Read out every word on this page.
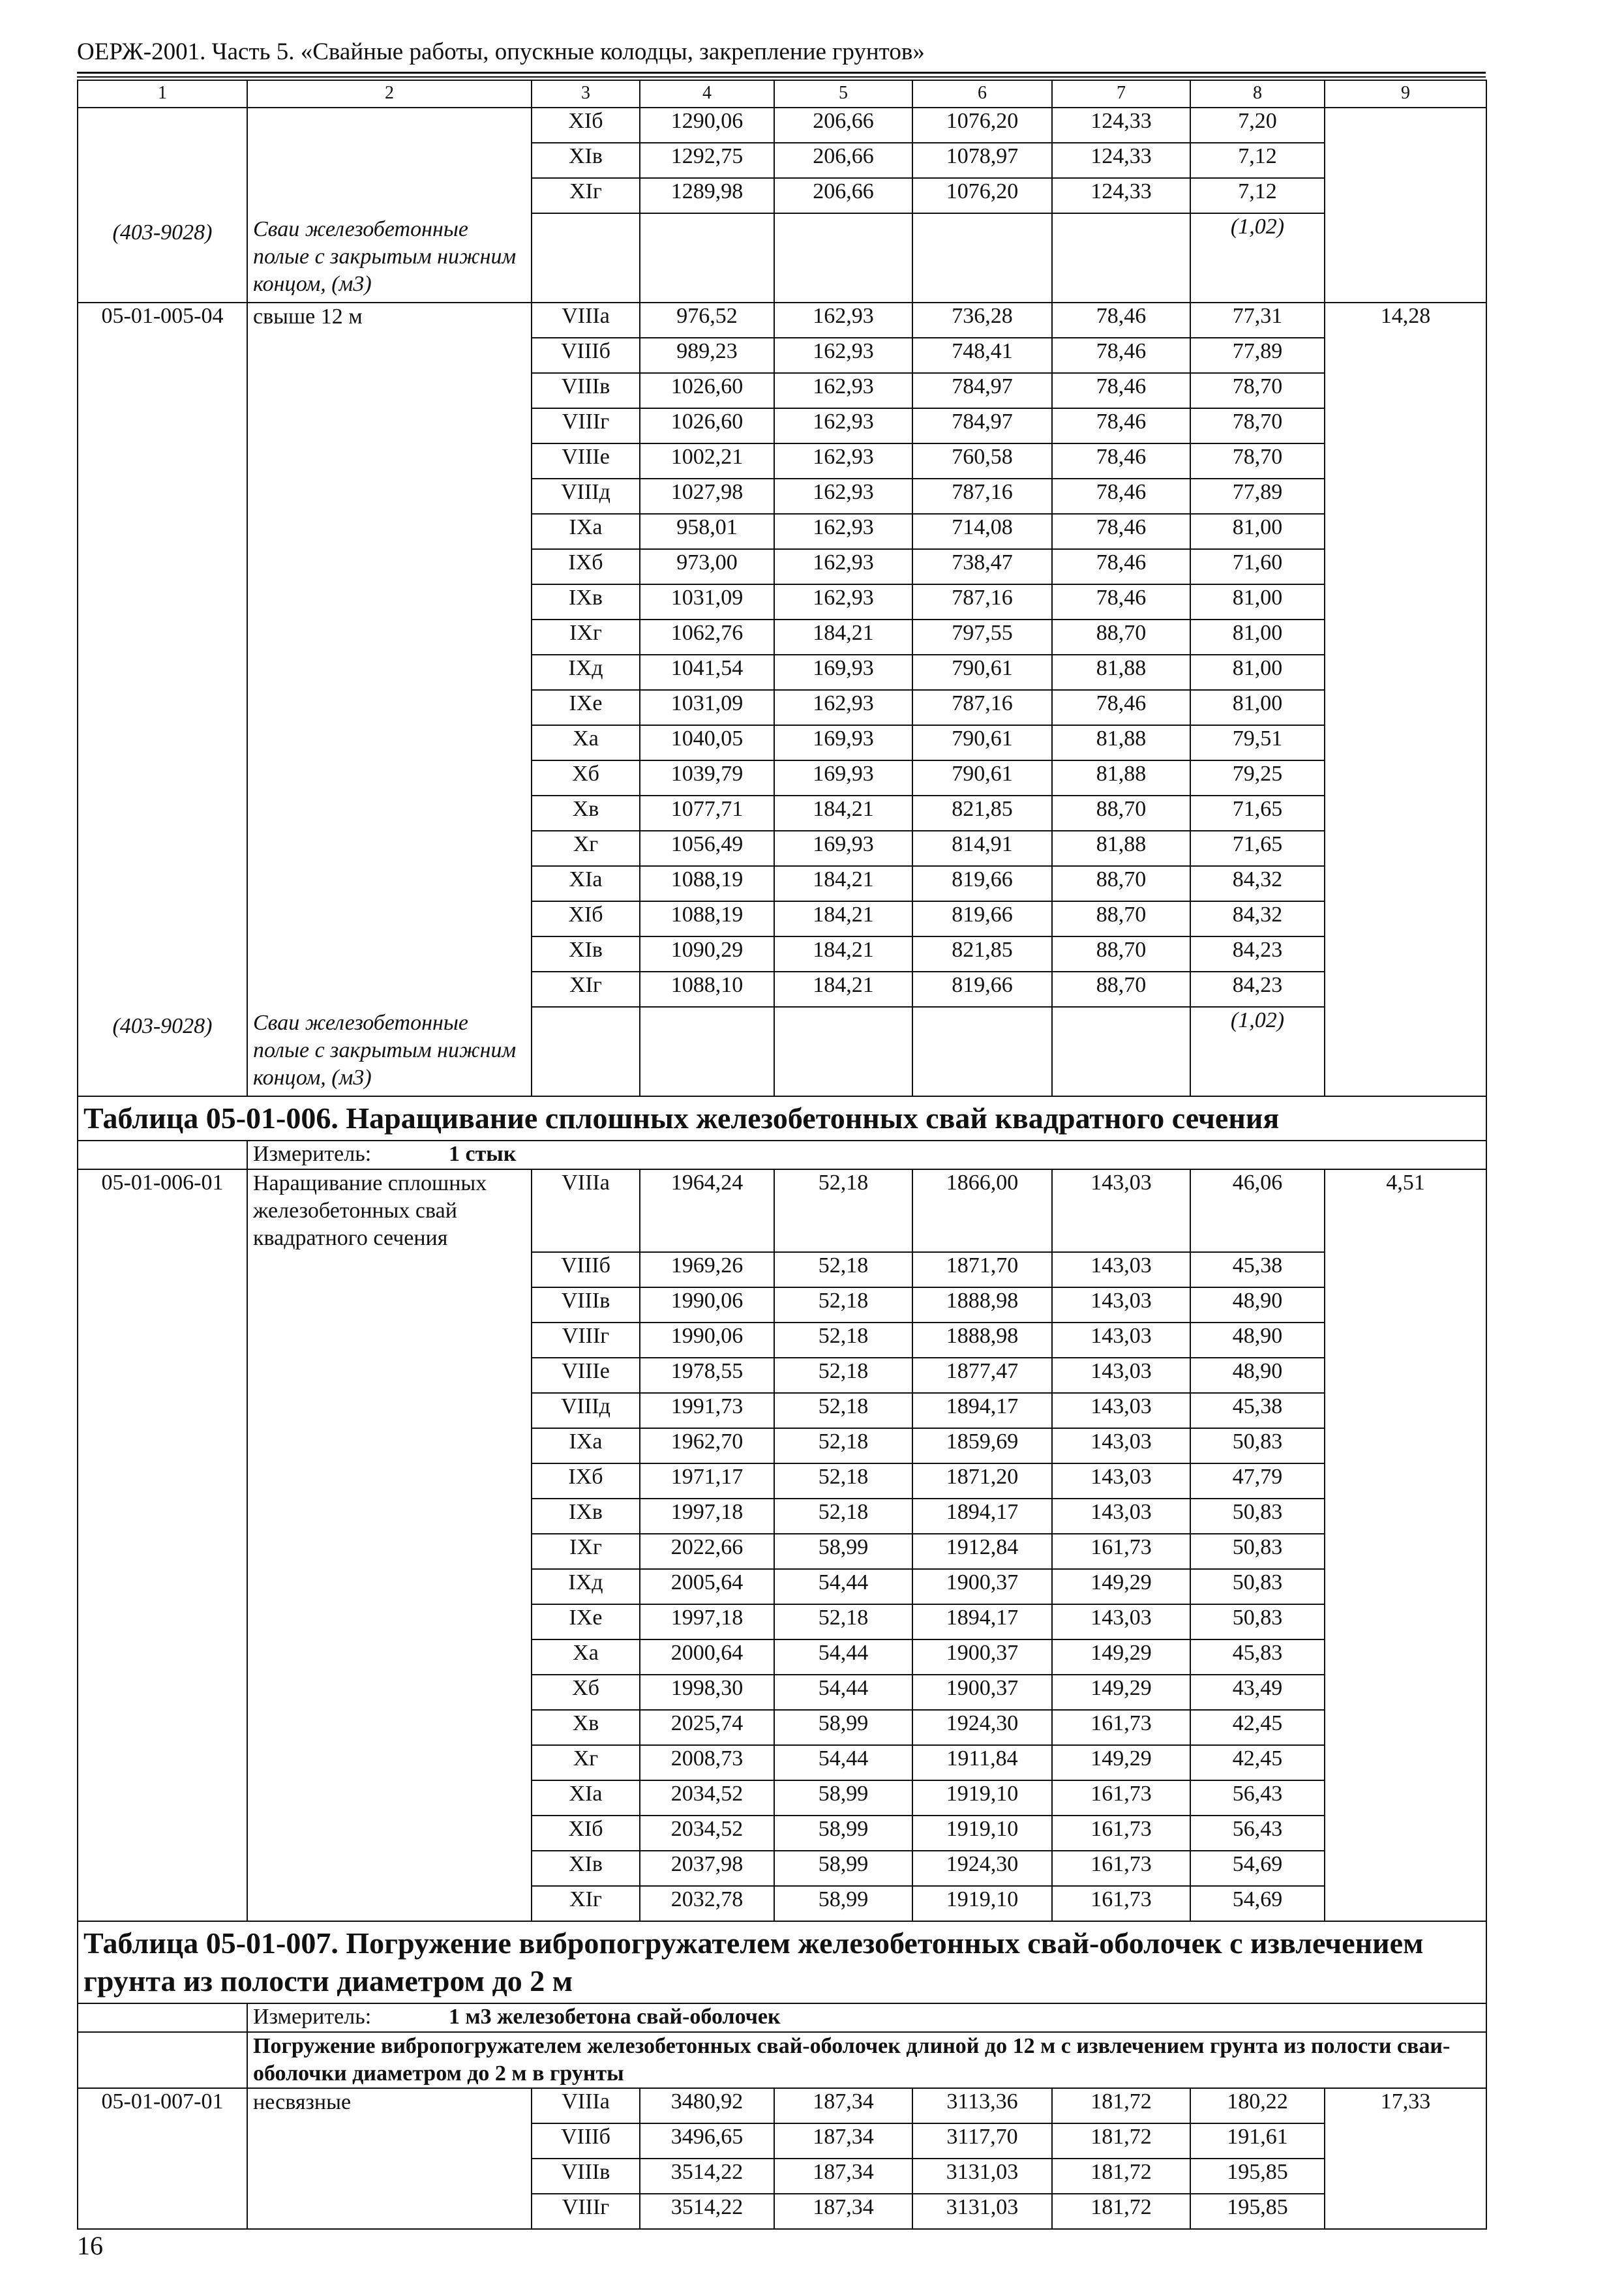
ОЕРЖ-2001. Часть 5. «Свайные работы, опускные колодцы, закрепление грунтов»
1	2	3	4	5	6	7	8	9
		XIб	1290,06	206,66	1076,20	124,33	7,20	
		XIв	1292,75	206,66	1078,97	124,33	7,12	
		XIг	1289,98	206,66	1076,20	124,33	7,12	
(403-9028)	Сваи железобетонные полые с закрытым нижним концом, (м3)						(1,02)	
05-01-005-04	свыше 12 м	VIIIа	976,52	162,93	736,28	78,46	77,31	14,28
		VIIIб	989,23	162,93	748,41	78,46	77,89	
		VIIIв	1026,60	162,93	784,97	78,46	78,70	
		VIIIг	1026,60	162,93	784,97	78,46	78,70	
		VIIIе	1002,21	162,93	760,58	78,46	78,70	
		VIIIд	1027,98	162,93	787,16	78,46	77,89	
		IXа	958,01	162,93	714,08	78,46	81,00	
		IXб	973,00	162,93	738,47	78,46	71,60	
		IXв	1031,09	162,93	787,16	78,46	81,00	
		IXг	1062,76	184,21	797,55	88,70	81,00	
		IXд	1041,54	169,93	790,61	81,88	81,00	
		IXе	1031,09	162,93	787,16	78,46	81,00	
		Xа	1040,05	169,93	790,61	81,88	79,51	
		Xб	1039,79	169,93	790,61	81,88	79,25	
		Xв	1077,71	184,21	821,85	88,70	71,65	
		Xг	1056,49	169,93	814,91	81,88	71,65	
		XIа	1088,19	184,21	819,66	88,70	84,32	
		XIб	1088,19	184,21	819,66	88,70	84,32	
		XIв	1090,29	184,21	821,85	88,70	84,23	
		XIг	1088,10	184,21	819,66	88,70	84,23	
(403-9028)	Сваи железобетонные полые с закрытым нижним концом, (м3)						(1,02)	
Таблица 05-01-006. Наращивание сплошных железобетонных свай квадратного сечения								
	Измеритель: 1 стык							
05-01-006-01	Наращивание сплошных железобетонных свай квадратного сечения	VIIIа	1964,24	52,18	1866,00	143,03	46,06	4,51
		VIIIб	1969,26	52,18	1871,70	143,03	45,38	
		VIIIв	1990,06	52,18	1888,98	143,03	48,90	
		VIIIг	1990,06	52,18	1888,98	143,03	48,90	
		VIIIе	1978,55	52,18	1877,47	143,03	48,90	
		VIIIд	1991,73	52,18	1894,17	143,03	45,38	
		IXа	1962,70	52,18	1859,69	143,03	50,83	
		IXб	1971,17	52,18	1871,20	143,03	47,79	
		IXв	1997,18	52,18	1894,17	143,03	50,83	
		IXг	2022,66	58,99	1912,84	161,73	50,83	
		IXд	2005,64	54,44	1900,37	149,29	50,83	
		IXе	1997,18	52,18	1894,17	143,03	50,83	
		Xа	2000,64	54,44	1900,37	149,29	45,83	
		Xб	1998,30	54,44	1900,37	149,29	43,49	
		Xв	2025,74	58,99	1924,30	161,73	42,45	
		Xг	2008,73	54,44	1911,84	149,29	42,45	
		XIа	2034,52	58,99	1919,10	161,73	56,43	
		XIб	2034,52	58,99	1919,10	161,73	56,43	
		XIв	2037,98	58,99	1924,30	161,73	54,69	
		XIг	2032,78	58,99	1919,10	161,73	54,69	
Таблица 05-01-007. Погружение вибропогружателем железобетонных свай-оболочек с извлечением грунта из полости диаметром до 2 м								
	Измеритель: 1 м3 железобетона свай-оболочек							
	Погружение вибропогружателем железобетонных свай-оболочек длиной до 12 м с извлечением грунта из полости сваи-оболочки диаметром до 2 м в грунты							
05-01-007-01	несвязные	VIIIа	3480,92	187,34	3113,36	181,72	180,22	17,33
		VIIIб	3496,65	187,34	3117,70	181,72	191,61	
		VIIIв	3514,22	187,34	3131,03	181,72	195,85	
		VIIIг	3514,22	187,34	3131,03	181,72	195,85	
16
